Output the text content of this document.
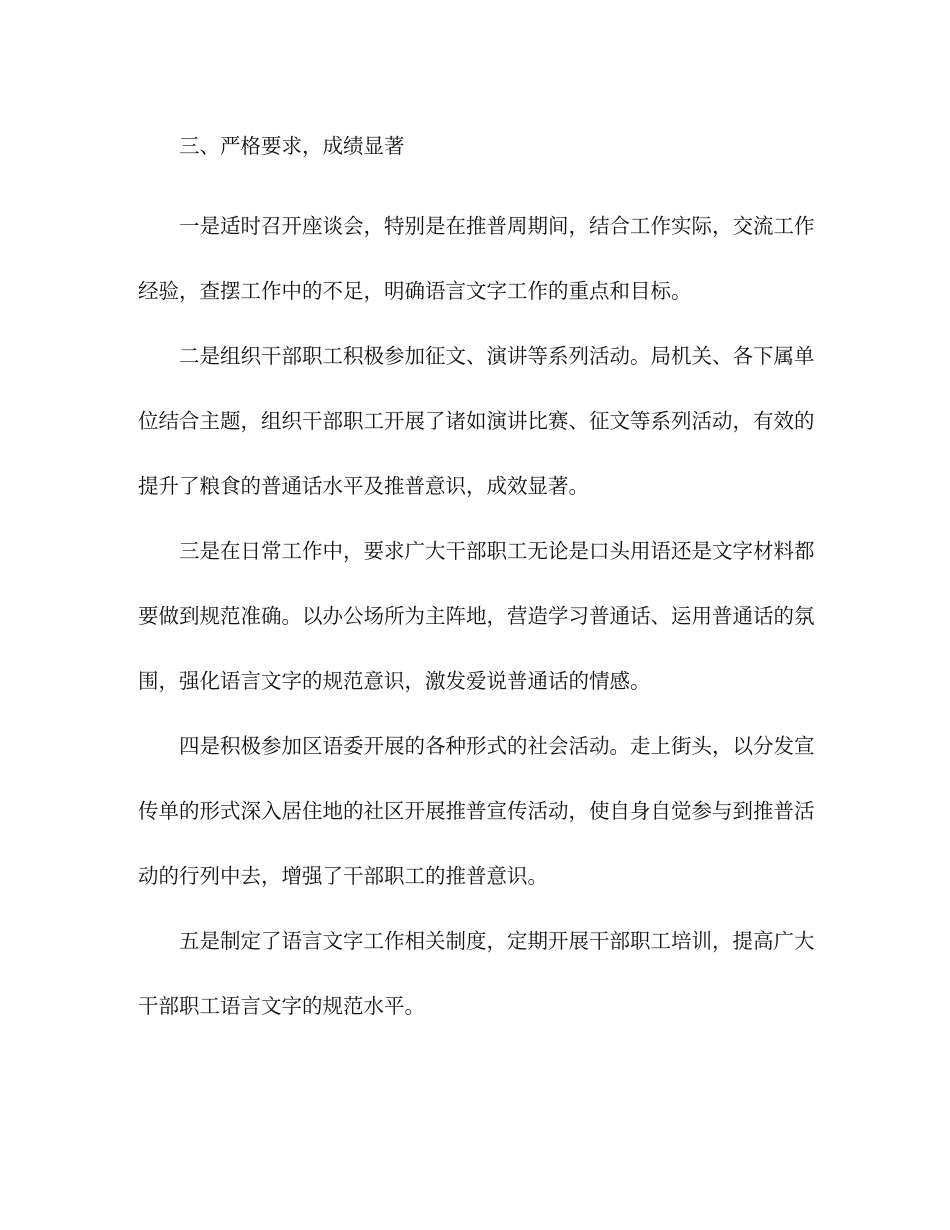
三、严格要求，成绩显著

一是适时召开座谈会，特别是在推普周期间，结合工作实际，交流工作经验，查摆工作中的不足，明确语言文字工作的重点和目标。

二是组织干部职工积极参加征文、演讲等系列活动。局机关、各下属单位结合主题，组织干部职工开展了诸如演讲比赛、征文等系列活动，有效的提升了粮食的普通话水平及推普意识，成效显著。

三是在日常工作中，要求广大干部职工无论是口头用语还是文字材料都要做到规范准确。以办公场所为主阵地，营造学习普通话、运用普通话的氛围，强化语言文字的规范意识，激发爱说普通话的情感。

四是积极参加区语委开展的各种形式的社会活动。走上街头，以分发宣传单的形式深入居住地的社区开展推普宣传活动，使自身自觉参与到推普活动的行列中去，增强了干部职工的推普意识。

五是制定了语言文字工作相关制度，定期开展干部职工培训，提高广大干部职工语言文字的规范水平。
